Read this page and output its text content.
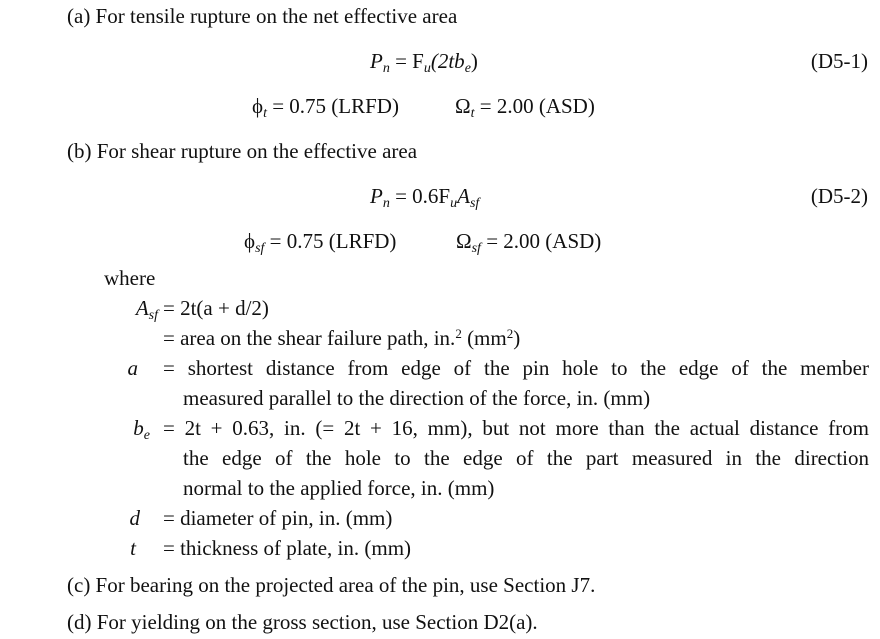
(a) For tensile rupture on the net effective area
$P_n = F_u(2tb_e)$	(D5-1)
$\phi_t = 0.75$ (LRFD)	$\Omega_t = 2.00$ (ASD)
(b) For shear rupture on the effective area
$P_n = 0.6F_uA_{sf}$	(D5-2)
$\phi_{sf} = 0.75$ (LRFD)	$\Omega_{sf} = 2.00$ (ASD)
where
$A_{sf} = 2t(a + d/2)$
= area on the shear failure path, in.$^2$ $(mm^2)$
a = shortest distance from edge of the pin hole to the edge of the member
measured parallel to the direction of the force, in. (mm)
$b_e = 2t + 0.63$, in. (= 2t + 16, mm), but not more than the actual distance from
the edge of the hole to the edge of the part measured in the direction
normal to the applied force, in. (mm)
d = diameter of pin, in. (mm)
t = thickness of plate, in. (mm)
(c) For bearing on the projected area of the pin, use Section J7.
(d) For yielding on the gross section, use Section D2(a).
